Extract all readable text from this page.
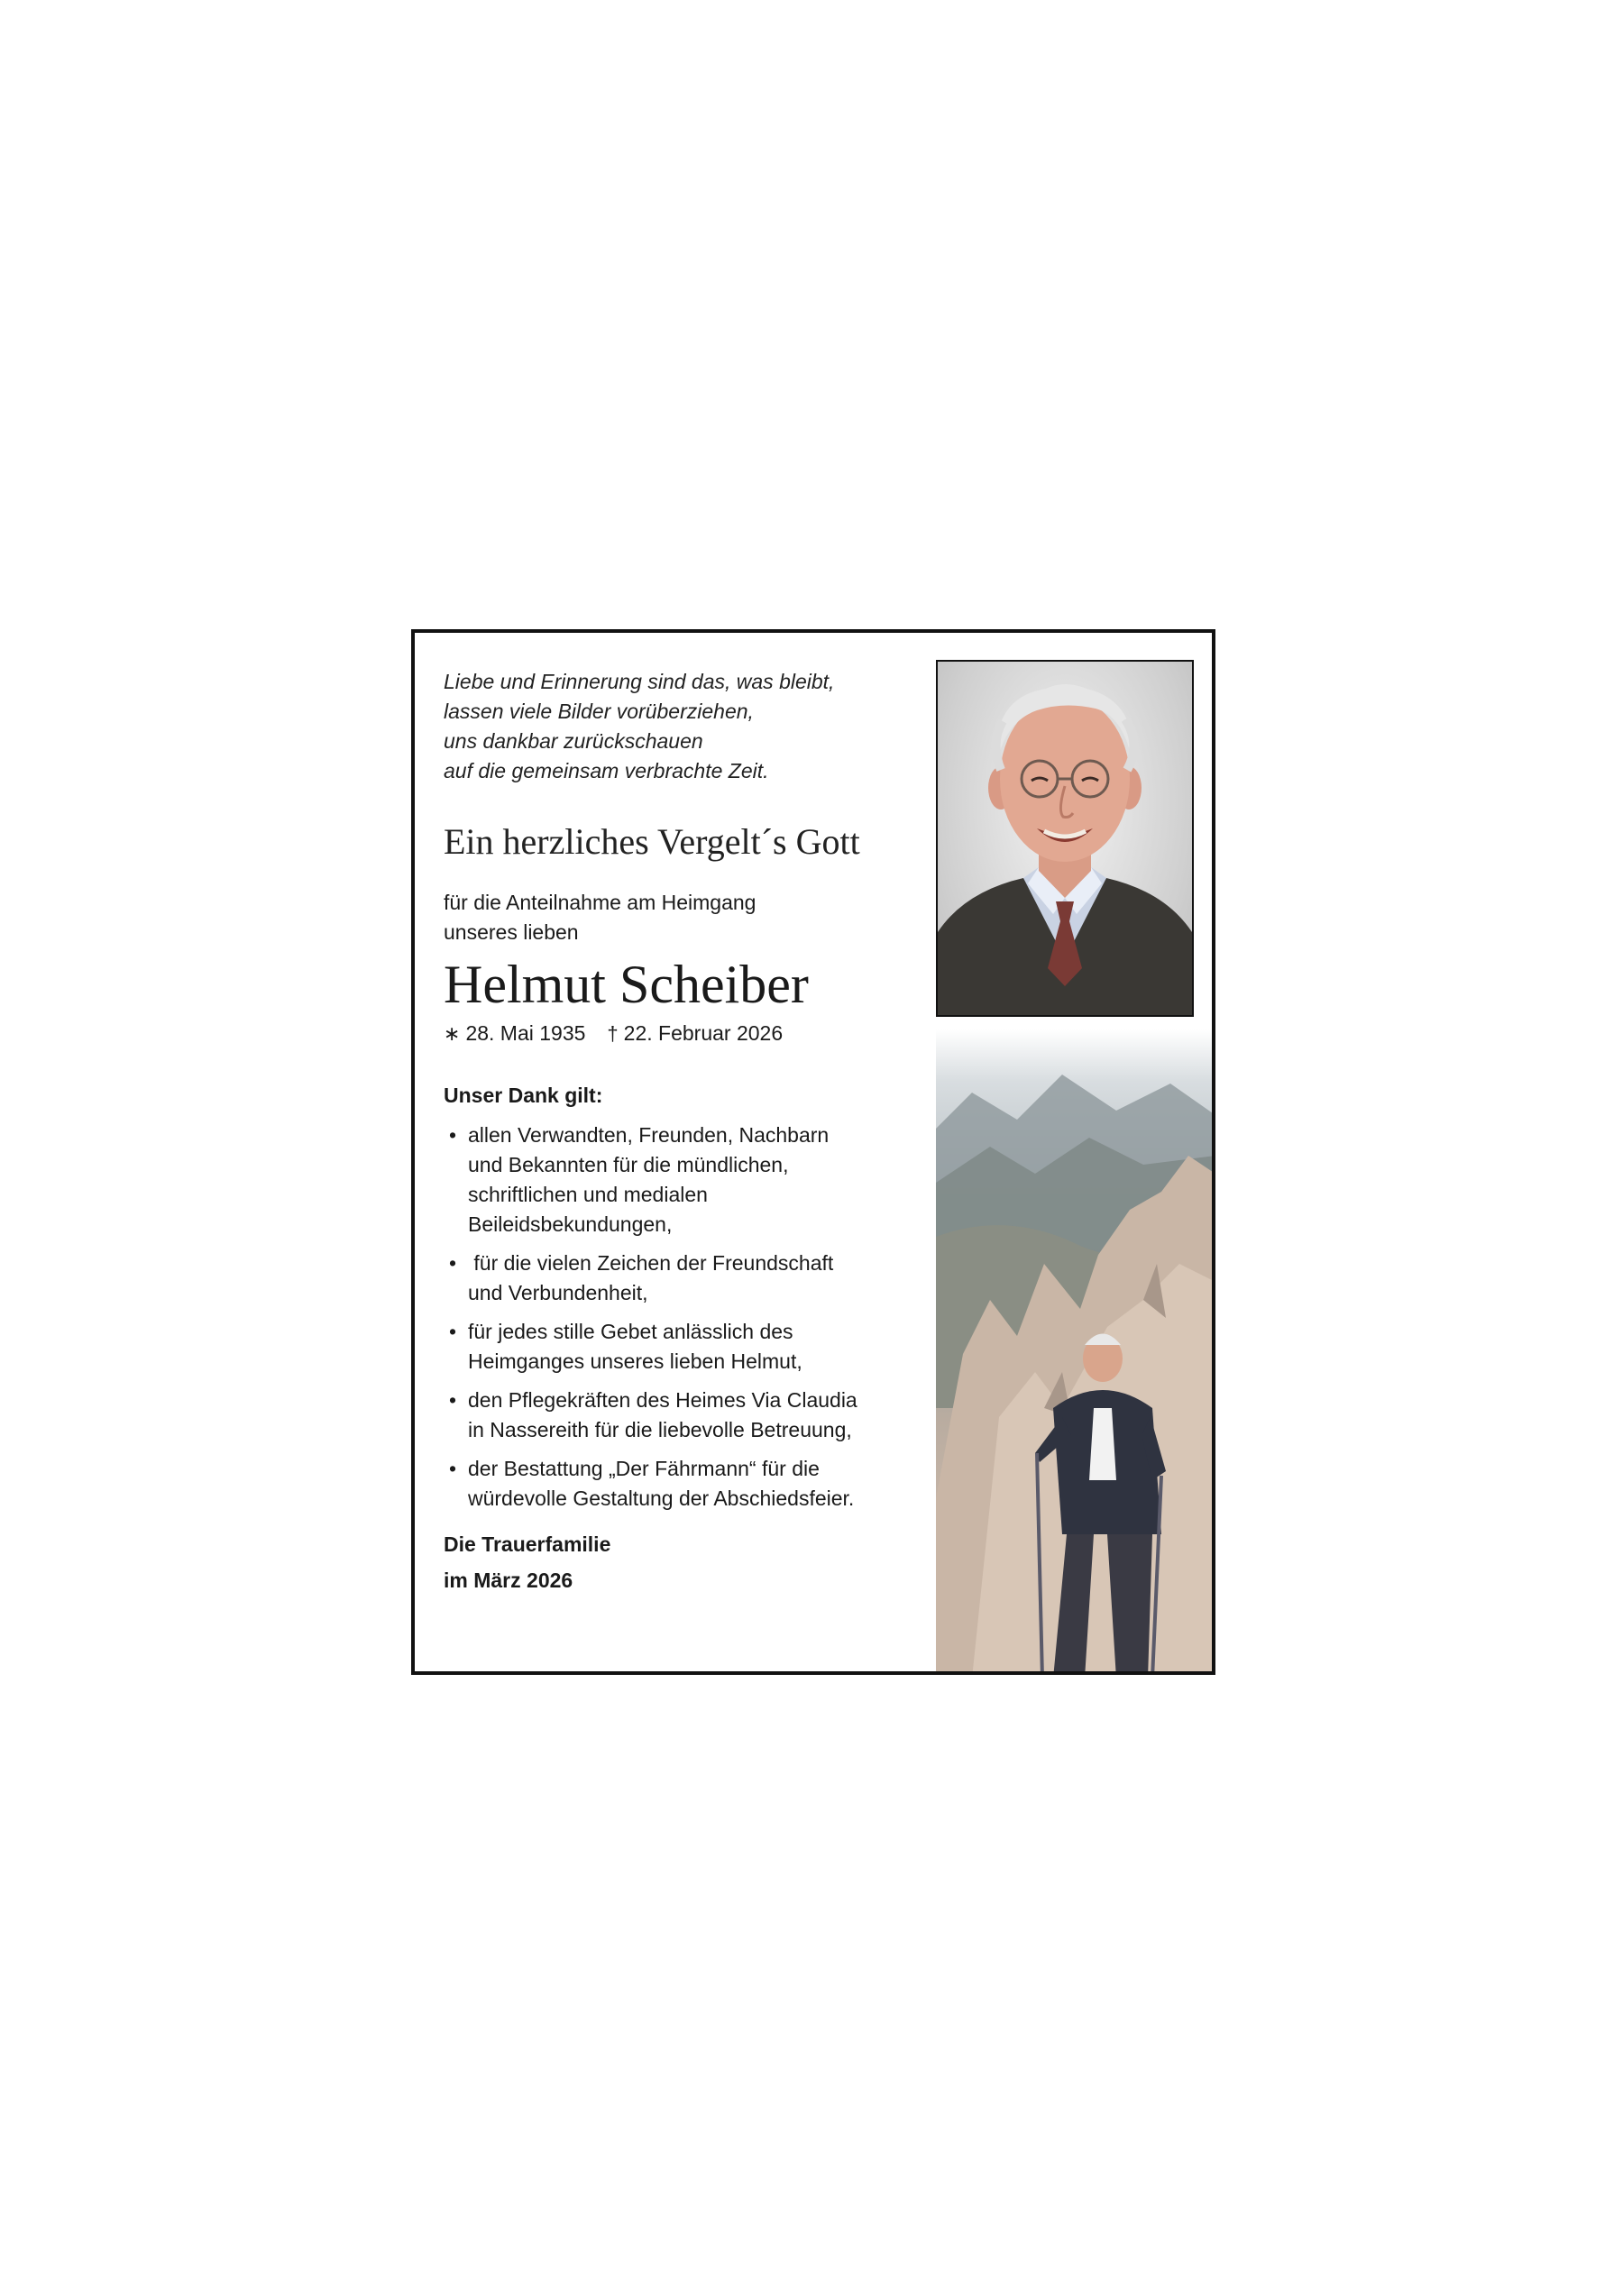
Liebe und Erinnerung sind das, was bleibt,
lassen viele Bilder vorüberziehen,
uns dankbar zurückschauen
auf die gemeinsam verbrachte Zeit.
Ein herzliches Vergelt´s Gott
für die Anteilnahme am Heimgang
unseres lieben
Helmut Scheiber
∗ 28. Mai 1935 † 22. Februar 2026
Unser Dank gilt:
• allen Verwandten, Freunden, Nachbarn
und Bekannten für die mündlichen,
schriftlichen und medialen
Beileidsbekundungen,
•  für die vielen Zeichen der Freundschaft
und Verbundenheit,
• für jedes stille Gebet anlässlich des
Heimganges unseres lieben Helmut,
• den Pflegekräften des Heimes Via Claudia
in Nassereith für die liebevolle Betreuung,
• der Bestattung „Der Fährmann“ für die
würdevolle Gestaltung der Abschiedsfeier.
Die Trauerfamilie
im März 2026
